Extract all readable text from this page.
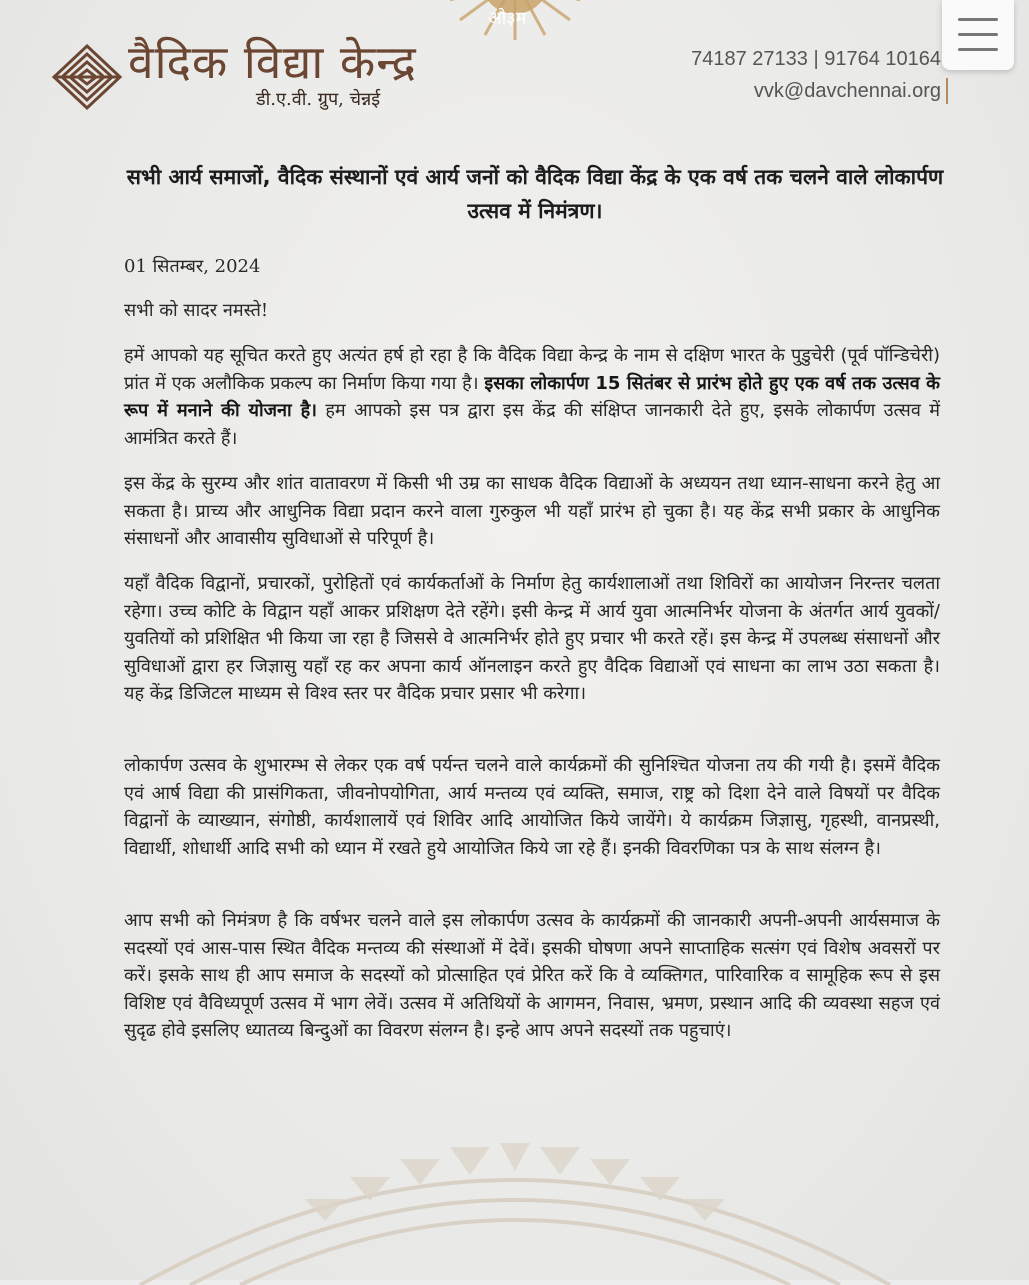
ओ३म
वैदिक विद्या केन्द्र
डी.ए.वी. ग्रुप, चेन्नई
74187 27133 | 91764 10164
vvk@davchennai.org
सभी आर्य समाजों, वैदिक संस्थानों एवं आर्य जनों को वैदिक विद्या केंद्र के एक वर्ष तक चलने वाले लोकार्पण उत्सव में निमंत्रण।
01 सितम्बर, 2024
सभी को सादर नमस्ते!
हमें आपको यह सूचित करते हुए अत्यंत हर्ष हो रहा है कि वैदिक विद्या केन्द्र के नाम से दक्षिण भारत के पुडुचेरी (पूर्व पॉन्डिचेरी) प्रांत में एक अलौकिक प्रकल्प का निर्माण किया गया है। इसका लोकार्पण 15 सितंबर से प्रारंभ होते हुए एक वर्ष तक उत्सव के रूप में मनाने की योजना है। हम आपको इस पत्र द्वारा इस केंद्र की संक्षिप्त जानकारी देते हुए, इसके लोकार्पण उत्सव में आमंत्रित करते हैं।
इस केंद्र के सुरम्य और शांत वातावरण में किसी भी उम्र का साधक वैदिक विद्याओं के अध्ययन तथा ध्यान-साधना करने हेतु आ सकता है। प्राच्य और आधुनिक विद्या प्रदान करने वाला गुरुकुल भी यहाँ प्रारंभ हो चुका है। यह केंद्र सभी प्रकार के आधुनिक संसाधनों और आवासीय सुविधाओं से परिपूर्ण है।
यहाँ वैदिक विद्वानों, प्रचारकों, पुरोहितों एवं कार्यकर्ताओं के निर्माण हेतु कार्यशालाओं तथा शिविरों का आयोजन निरन्तर चलता रहेगा। उच्च कोटि के विद्वान यहाँ आकर प्रशिक्षण देते रहेंगे। इसी केन्द्र में आर्य युवा आत्मनिर्भर योजना के अंतर्गत आर्य युवकों/ युवतियों को प्रशिक्षित भी किया जा रहा है जिससे वे आत्मनिर्भर होते हुए प्रचार भी करते रहें। इस केन्द्र में उपलब्ध संसाधनों और सुविधाओं द्वारा हर जिज्ञासु यहाँ रह कर अपना कार्य ऑनलाइन करते हुए वैदिक विद्याओं एवं साधना का लाभ उठा सकता है। यह केंद्र डिजिटल माध्यम से विश्व स्तर पर वैदिक प्रचार प्रसार भी करेगा।
लोकार्पण उत्सव के शुभारम्भ से लेकर एक वर्ष पर्यन्त चलने वाले कार्यक्रमों की सुनिश्चित योजना तय की गयी है। इसमें वैदिक एवं आर्ष विद्या की प्रासंगिकता, जीवनोपयोगिता, आर्य मन्तव्य एवं व्यक्ति, समाज, राष्ट्र को दिशा देने वाले विषयों पर वैदिक विद्वानों के व्याख्यान, संगोष्ठी, कार्यशालायें एवं शिविर आदि आयोजित किये जायेंगे। ये कार्यक्रम जिज्ञासु, गृहस्थी, वानप्रस्थी, विद्यार्थी, शोधार्थी आदि सभी को ध्यान में रखते हुये आयोजित किये जा रहे हैं। इनकी विवरणिका पत्र के साथ संलग्न है।
आप सभी को निमंत्रण है कि वर्षभर चलने वाले इस लोकार्पण उत्सव के कार्यक्रमों की जानकारी अपनी-अपनी आर्यसमाज के सदस्यों एवं आस-पास स्थित वैदिक मन्तव्य की संस्थाओं में देवें। इसकी घोषणा अपने साप्ताहिक सत्संग एवं विशेष अवसरों पर करें। इसके साथ ही आप समाज के सदस्यों को प्रोत्साहित एवं प्रेरित करें कि वे व्यक्तिगत, पारिवारिक व सामूहिक रूप से इस विशिष्ट एवं वैविध्यपूर्ण उत्सव में भाग लेवें। उत्सव में अतिथियों के आगमन, निवास, भ्रमण, प्रस्थान आदि की व्यवस्था सहज एवं सुदृढ होवे इसलिए ध्यातव्य बिन्दुओं का विवरण संलग्न है। इन्हे आप अपने सदस्यों तक पहुचाएं।
